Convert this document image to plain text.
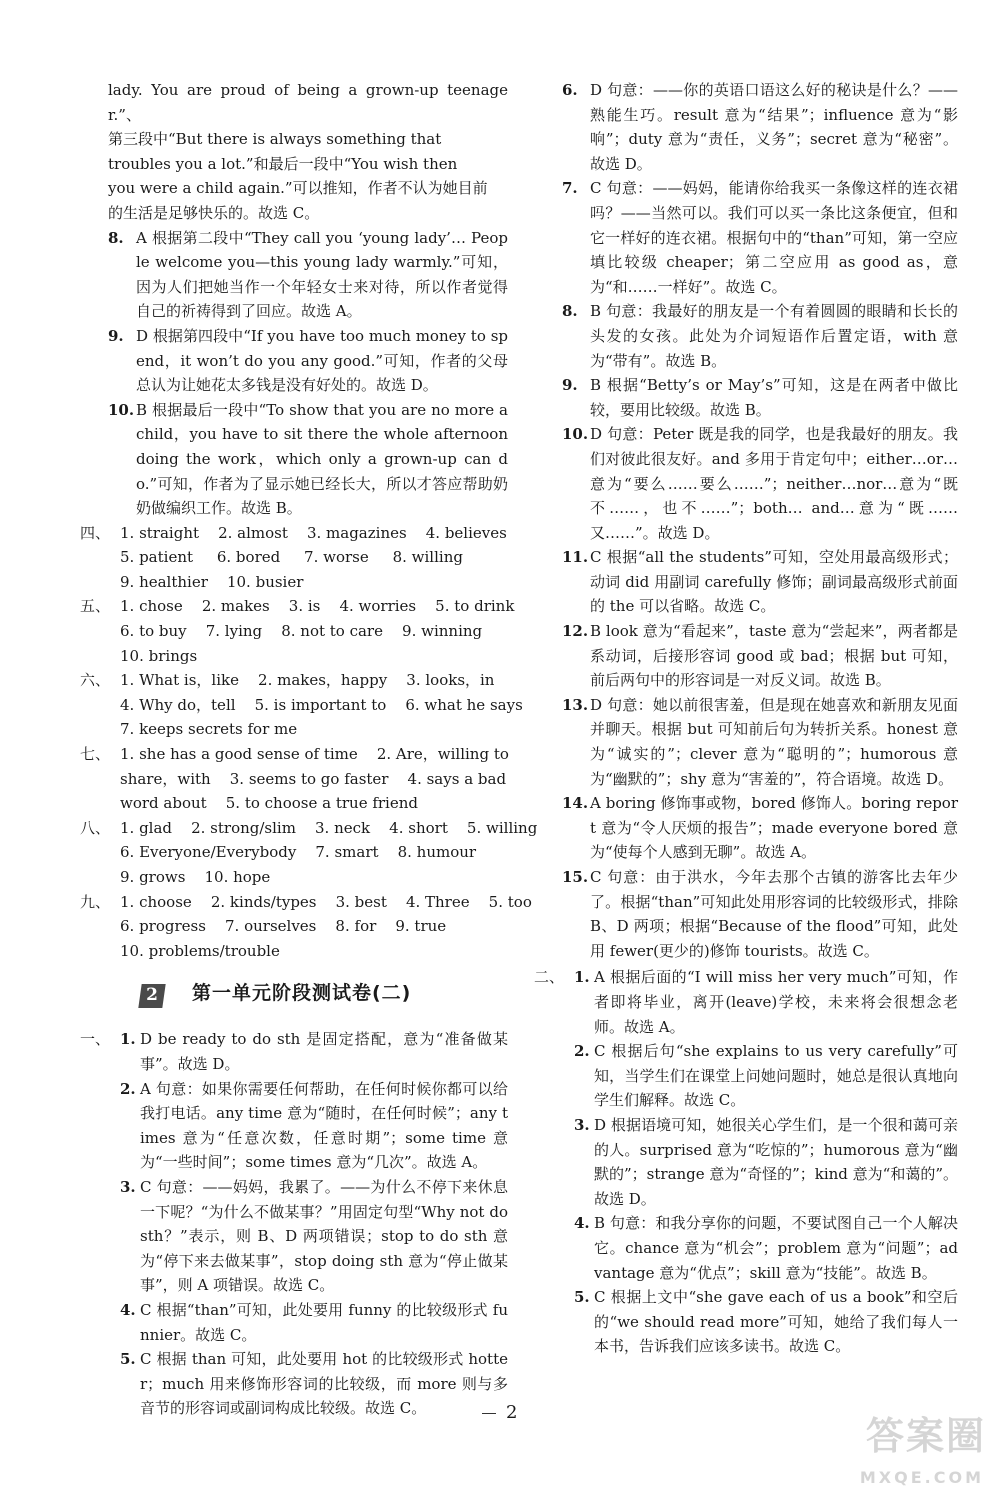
lady. You are proud of being a grown-up teenager.”、

第三段中“But there is always something that

troubles you a lot.”和最后一段中“You wish then

you were a child again.”可以推知，作者不认为她目前

的生活是足够快乐的。故选 C。

8. A 根据第二段中“They call you ‘young lady’… People welcome you—this young lady warmly.”可知，因为人们把她当作一个年轻女士来对待，所以作者觉得自己的祈祷得到了回应。故选 A。

9. D 根据第四段中“If you have too much money to spend，it won’t do you any good.”可知，作者的父母总认为让她花太多钱是没有好处的。故选 D。

10. B 根据最后一段中“To show that you are no more a child，you have to sit there the whole afternoon doing the work，which only a grown-up can do.”可知，作者为了显示她已经长大，所以才答应帮助奶奶做编织工作。故选 B。

四、 1. straight    2. almost    3. magazines    4. believes
5. patient     6. bored     7. worse     8. willing
9. healthier    10. busier
五、 1. chose    2. makes    3. is    4. worries    5. to drink
6. to buy    7. lying    8. not to care    9. winning
10. brings
六、 1. What is，like    2. makes，happy    3. looks，in
4. Why do，tell    5. is important to    6. what he says
7. keeps secrets for me
七、 1. she has a good sense of time    2. Are，willing to
share，with    3. seems to go faster    4. says a bad
word about    5. to choose a true friend
八、 1. glad    2. strong/slim    3. neck    4. short    5. willing
6. Everyone/Everybody    7. smart    8. humour
9. grows    10. hope
九、 1. choose    2. kinds/types    3. best    4. Three    5. too
6. progress    7. ourselves    8. for    9. true
10. problems/trouble
2 第一单元阶段测试卷(二)
一、 1. D be ready to do sth 是固定搭配，意为“准备做某事”。故选 D。

2. A 句意：如果你需要任何帮助，在任何时候你都可以给我打电话。any time 意为“随时，在任何时候”；any times 意为“任意次数，任意时期”；some time 意为“一些时间”；some times 意为“几次”。故选 A。

3. C 句意：——妈妈，我累了。——为什么不停下来休息一下呢？“为什么不做某事？”用固定句型“Why not do sth？”表示，则 B、D 两项错误；stop to do sth 意为“停下来去做某事”，stop doing sth 意为“停止做某事”，则 A 项错误。故选 C。

4. C 根据“than”可知，此处要用 funny 的比较级形式 funnier。故选 C。

5. C 根据 than 可知，此处要用 hot 的比较级形式 hotter；much 用来修饰形容词的比较级，而 more 则与多音节的形容词或副词构成比较级。故选 C。

6. D 句意：——你的英语口语这么好的秘诀是什么？——熟能生巧。result 意为“结果”；influence 意为“影响”；duty 意为“责任，义务”；secret 意为“秘密”。故选 D。

7. C 句意：——妈妈，能请你给我买一条像这样的连衣裙吗？——当然可以。我们可以买一条比这条便宜，但和它一样好的连衣裙。根据句中的“than”可知，第一空应填比较级 cheaper；第二空应用 as good as，意为“和……一样好”。故选 C。

8. B 句意：我最好的朋友是一个有着圆圆的眼睛和长长的头发的女孩。此处为介词短语作后置定语，with 意为“带有”。故选 B。

9. B 根据“Betty’s or May’s”可知，这是在两者中做比较，要用比较级。故选 B。

10. D 句意：Peter 既是我的同学，也是我最好的朋友。我们对彼此很友好。and 多用于肯定句中；either…or…意为“要么……要么……”；neither…nor…意为“既不……，也不……”；both… and…意为“既……又……”。故选 D。

11. C 根据“all the students”可知，空处用最高级形式；动词 did 用副词 carefully 修饰；副词最高级形式前面的 the 可以省略。故选 C。

12. B look 意为“看起来”，taste 意为“尝起来”，两者都是系动词，后接形容词 good 或 bad；根据 but 可知，前后两句中的形容词是一对反义词。故选 B。

13. D 句意：她以前很害羞，但是现在她喜欢和新朋友见面并聊天。根据 but 可知前后句为转折关系。honest 意为“诚实的”；clever 意为“聪明的”；humorous 意为“幽默的”；shy 意为“害羞的”，符合语境。故选 D。

14. A boring 修饰事或物，bored 修饰人。boring report 意为“令人厌烦的报告”；made everyone bored 意为“使每个人感到无聊”。故选 A。

15. C 句意：由于洪水，今年去那个古镇的游客比去年少了。根据“than”可知此处用形容词的比较级形式，排除 B、D 两项；根据“Because of the flood”可知，此处用 fewer(更少的)修饰 tourists。故选 C。

二、 1. A 根据后面的“I will miss her very much”可知，作者即将毕业，离开(leave)学校，未来将会很想念老师。故选 A。

2. C 根据后句“she explains to us very carefully”可知，当学生们在课堂上问她问题时，她总是很认真地向学生们解释。故选 C。

3. D 根据语境可知，她很关心学生们，是一个很和蔼可亲的人。surprised 意为“吃惊的”；humorous 意为“幽默的”；strange 意为“奇怪的”；kind 意为“和蔼的”。故选 D。

4. B 句意：和我分享你的问题，不要试图自己一个人解决它。chance 意为“机会”；problem 意为“问题”；advantage 意为“优点”；skill 意为“技能”。故选 B。

5. C 根据上文中“she gave each of us a book”和空后的“we should read more”可知，她给了我们每人一本书，告诉我们应该多读书。故选 C。

2
答案圈
MXQE.COM
